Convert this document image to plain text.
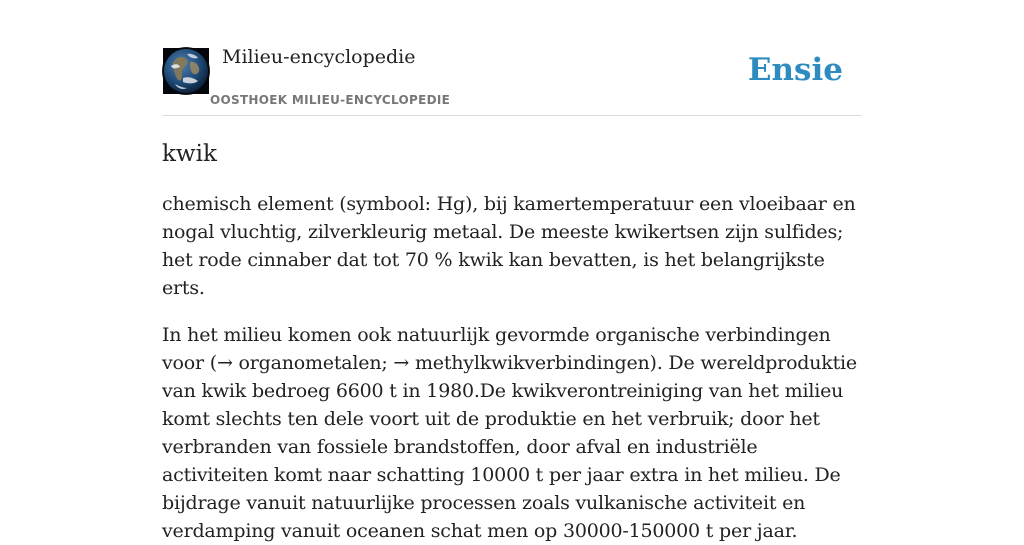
Milieu-encyclopedie
OOSTHOEK MILIEU-ENCYCLOPEDIE
Ensie
kwik

chemisch element (symbool: Hg), bij kamertemperatuur een vloeibaar en nogal vluchtig, zilverkleurig metaal. De meeste kwikertsen zijn sulfides; het rode cinnaber dat tot 70 % kwik kan bevatten, is het belangrijkste erts.

In het milieu komen ook natuurlijk gevormde organische verbindingen voor (→ organometalen; → methylkwikverbindingen). De wereldproduktie van kwik bedroeg 6600 t in 1980.De kwikverontreiniging van het milieu komt slechts ten dele voort uit de produktie en het verbruik; door het verbranden van fossiele brandstoffen, door afval en industriële activiteiten komt naar schatting 10000 t per jaar extra in het milieu. De bijdrage vanuit natuurlijke processen zoals vulkanische activiteit en verdamping vanuit oceanen schat men op 30000-150000 t per jaar.
